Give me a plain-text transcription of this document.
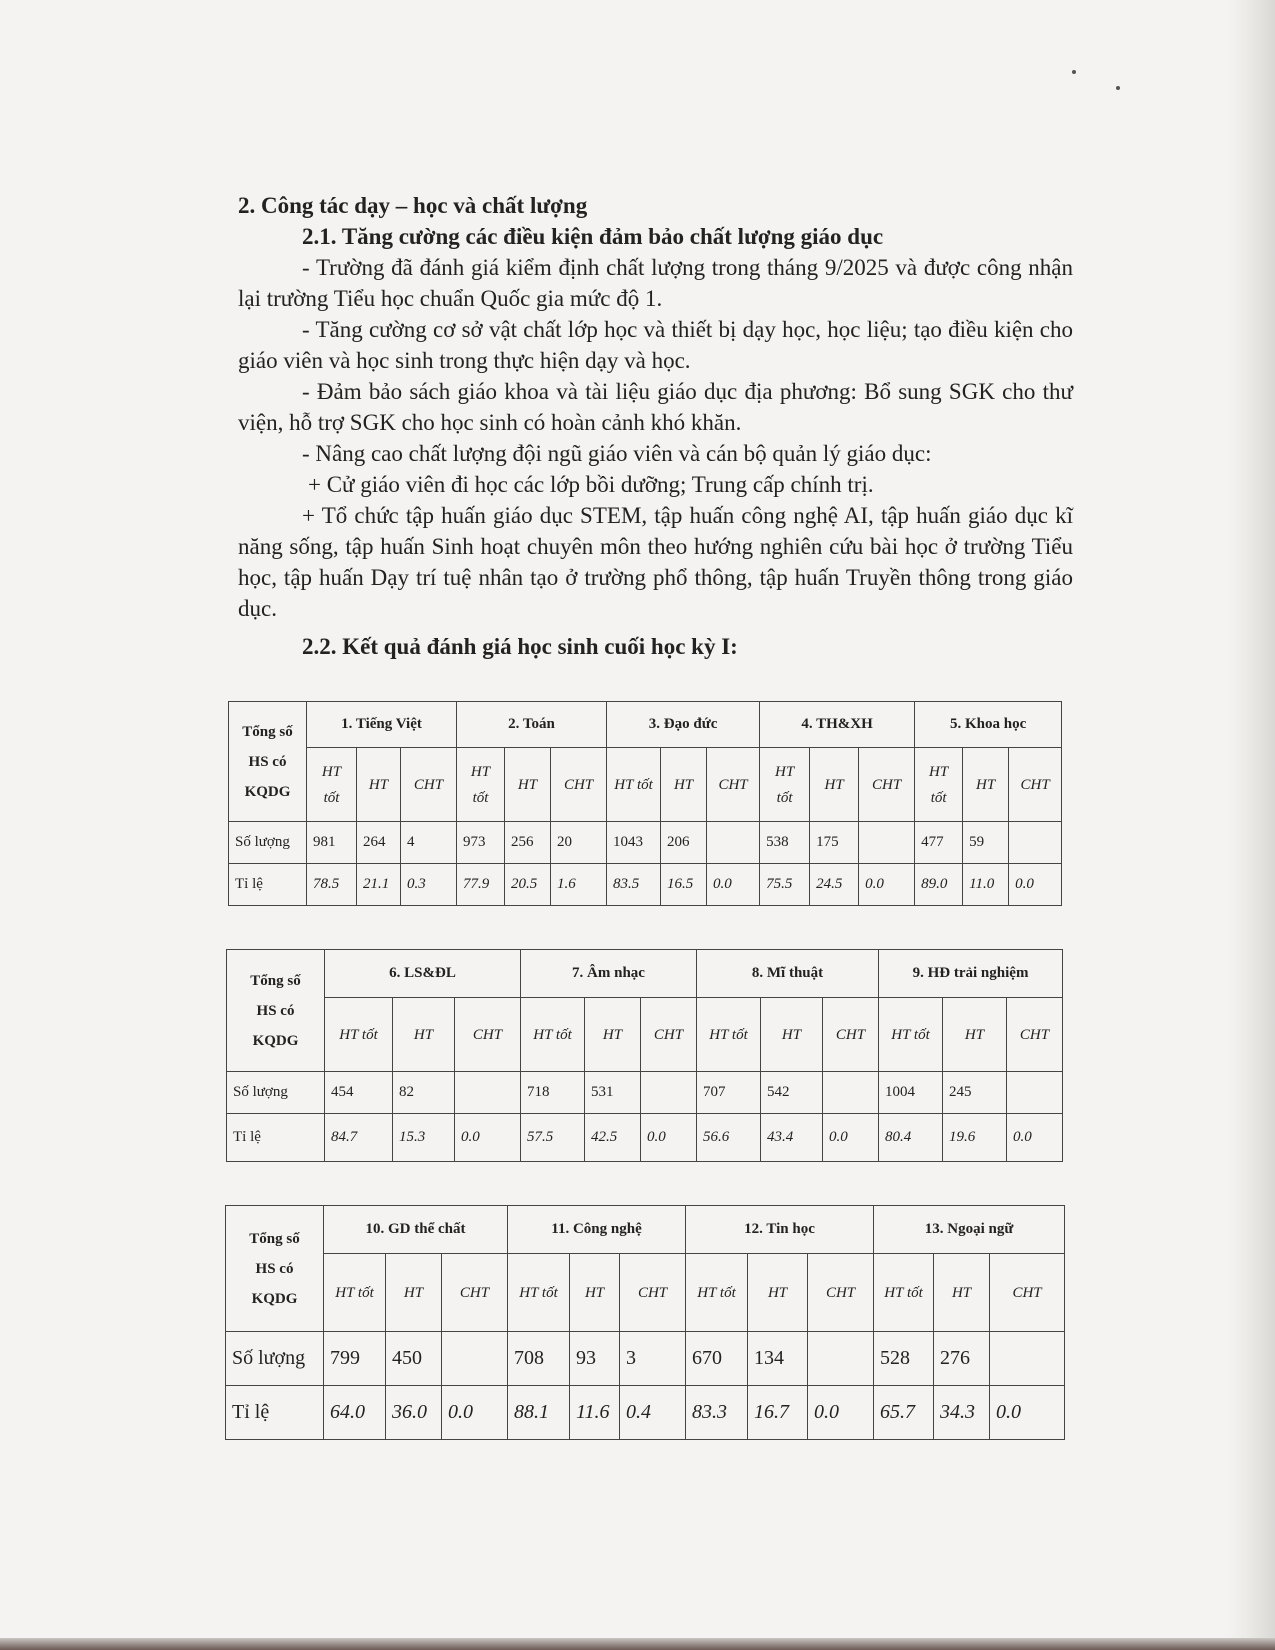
2. Công tác dạy – học và chất lượng

2.1. Tăng cường các điều kiện đảm bảo chất lượng giáo dục

- Trường đã đánh giá kiểm định chất lượng trong tháng 9/2025 và được công nhận lại trường Tiểu học chuẩn Quốc gia mức độ 1.

- Tăng cường cơ sở vật chất lớp học và thiết bị dạy học, học liệu; tạo điều kiện cho giáo viên và học sinh trong thực hiện dạy và học.

- Đảm bảo sách giáo khoa và tài liệu giáo dục địa phương: Bổ sung SGK cho thư viện, hỗ trợ SGK cho học sinh có hoàn cảnh khó khăn.

- Nâng cao chất lượng đội ngũ giáo viên và cán bộ quản lý giáo dục:

+ Cử giáo viên đi học các lớp bồi dưỡng; Trung cấp chính trị.

+ Tổ chức tập huấn giáo dục STEM, tập huấn công nghệ AI, tập huấn giáo dục kĩ năng sống, tập huấn Sinh hoạt chuyên môn theo hướng nghiên cứu bài học ở trường Tiểu học, tập huấn Dạy trí tuệ nhân tạo ở trường phổ thông, tập huấn Truyền thông trong giáo dục.

2.2. Kết quả đánh giá học sinh cuối học kỳ I:

Tổng số
HS có
KQDG	1. Tiếng Việt			2. Toán			3. Đạo đức			4. TH&XH			5. Khoa học		
	HT tốt	HT	CHT	HT tốt	HT	CHT	HT tốt	HT	CHT	HT tốt	HT	CHT	HT tốt	HT	CHT
Số lượng	981	264	4	973	256	20	1043	206		538	175		477	59	
Tỉ lệ	78.5	21.1	0.3	77.9	20.5	1.6	83.5	16.5	0.0	75.5	24.5	0.0	89.0	11.0	0.0
Tổng số
HS có
KQDG	6. LS&ĐL			7. Âm nhạc			8. Mĩ thuật			9. HĐ trải nghiệm		
	HT tốt	HT	CHT	HT tốt	HT	CHT	HT tốt	HT	CHT	HT tốt	HT	CHT
Số lượng	454	82		718	531		707	542		1004	245	
Tỉ lệ	84.7	15.3	0.0	57.5	42.5	0.0	56.6	43.4	0.0	80.4	19.6	0.0
Tổng số
HS có
KQDG	10. GD thể chất			11. Công nghệ			12. Tin học			13. Ngoại ngữ		
	HT tốt	HT	CHT	HT tốt	HT	CHT	HT tốt	HT	CHT	HT tốt	HT	CHT
Số lượng	799	450		708	93	3	670	134		528	276	
Tỉ lệ	64.0	36.0	0.0	88.1	11.6	0.4	83.3	16.7	0.0	65.7	34.3	0.0
